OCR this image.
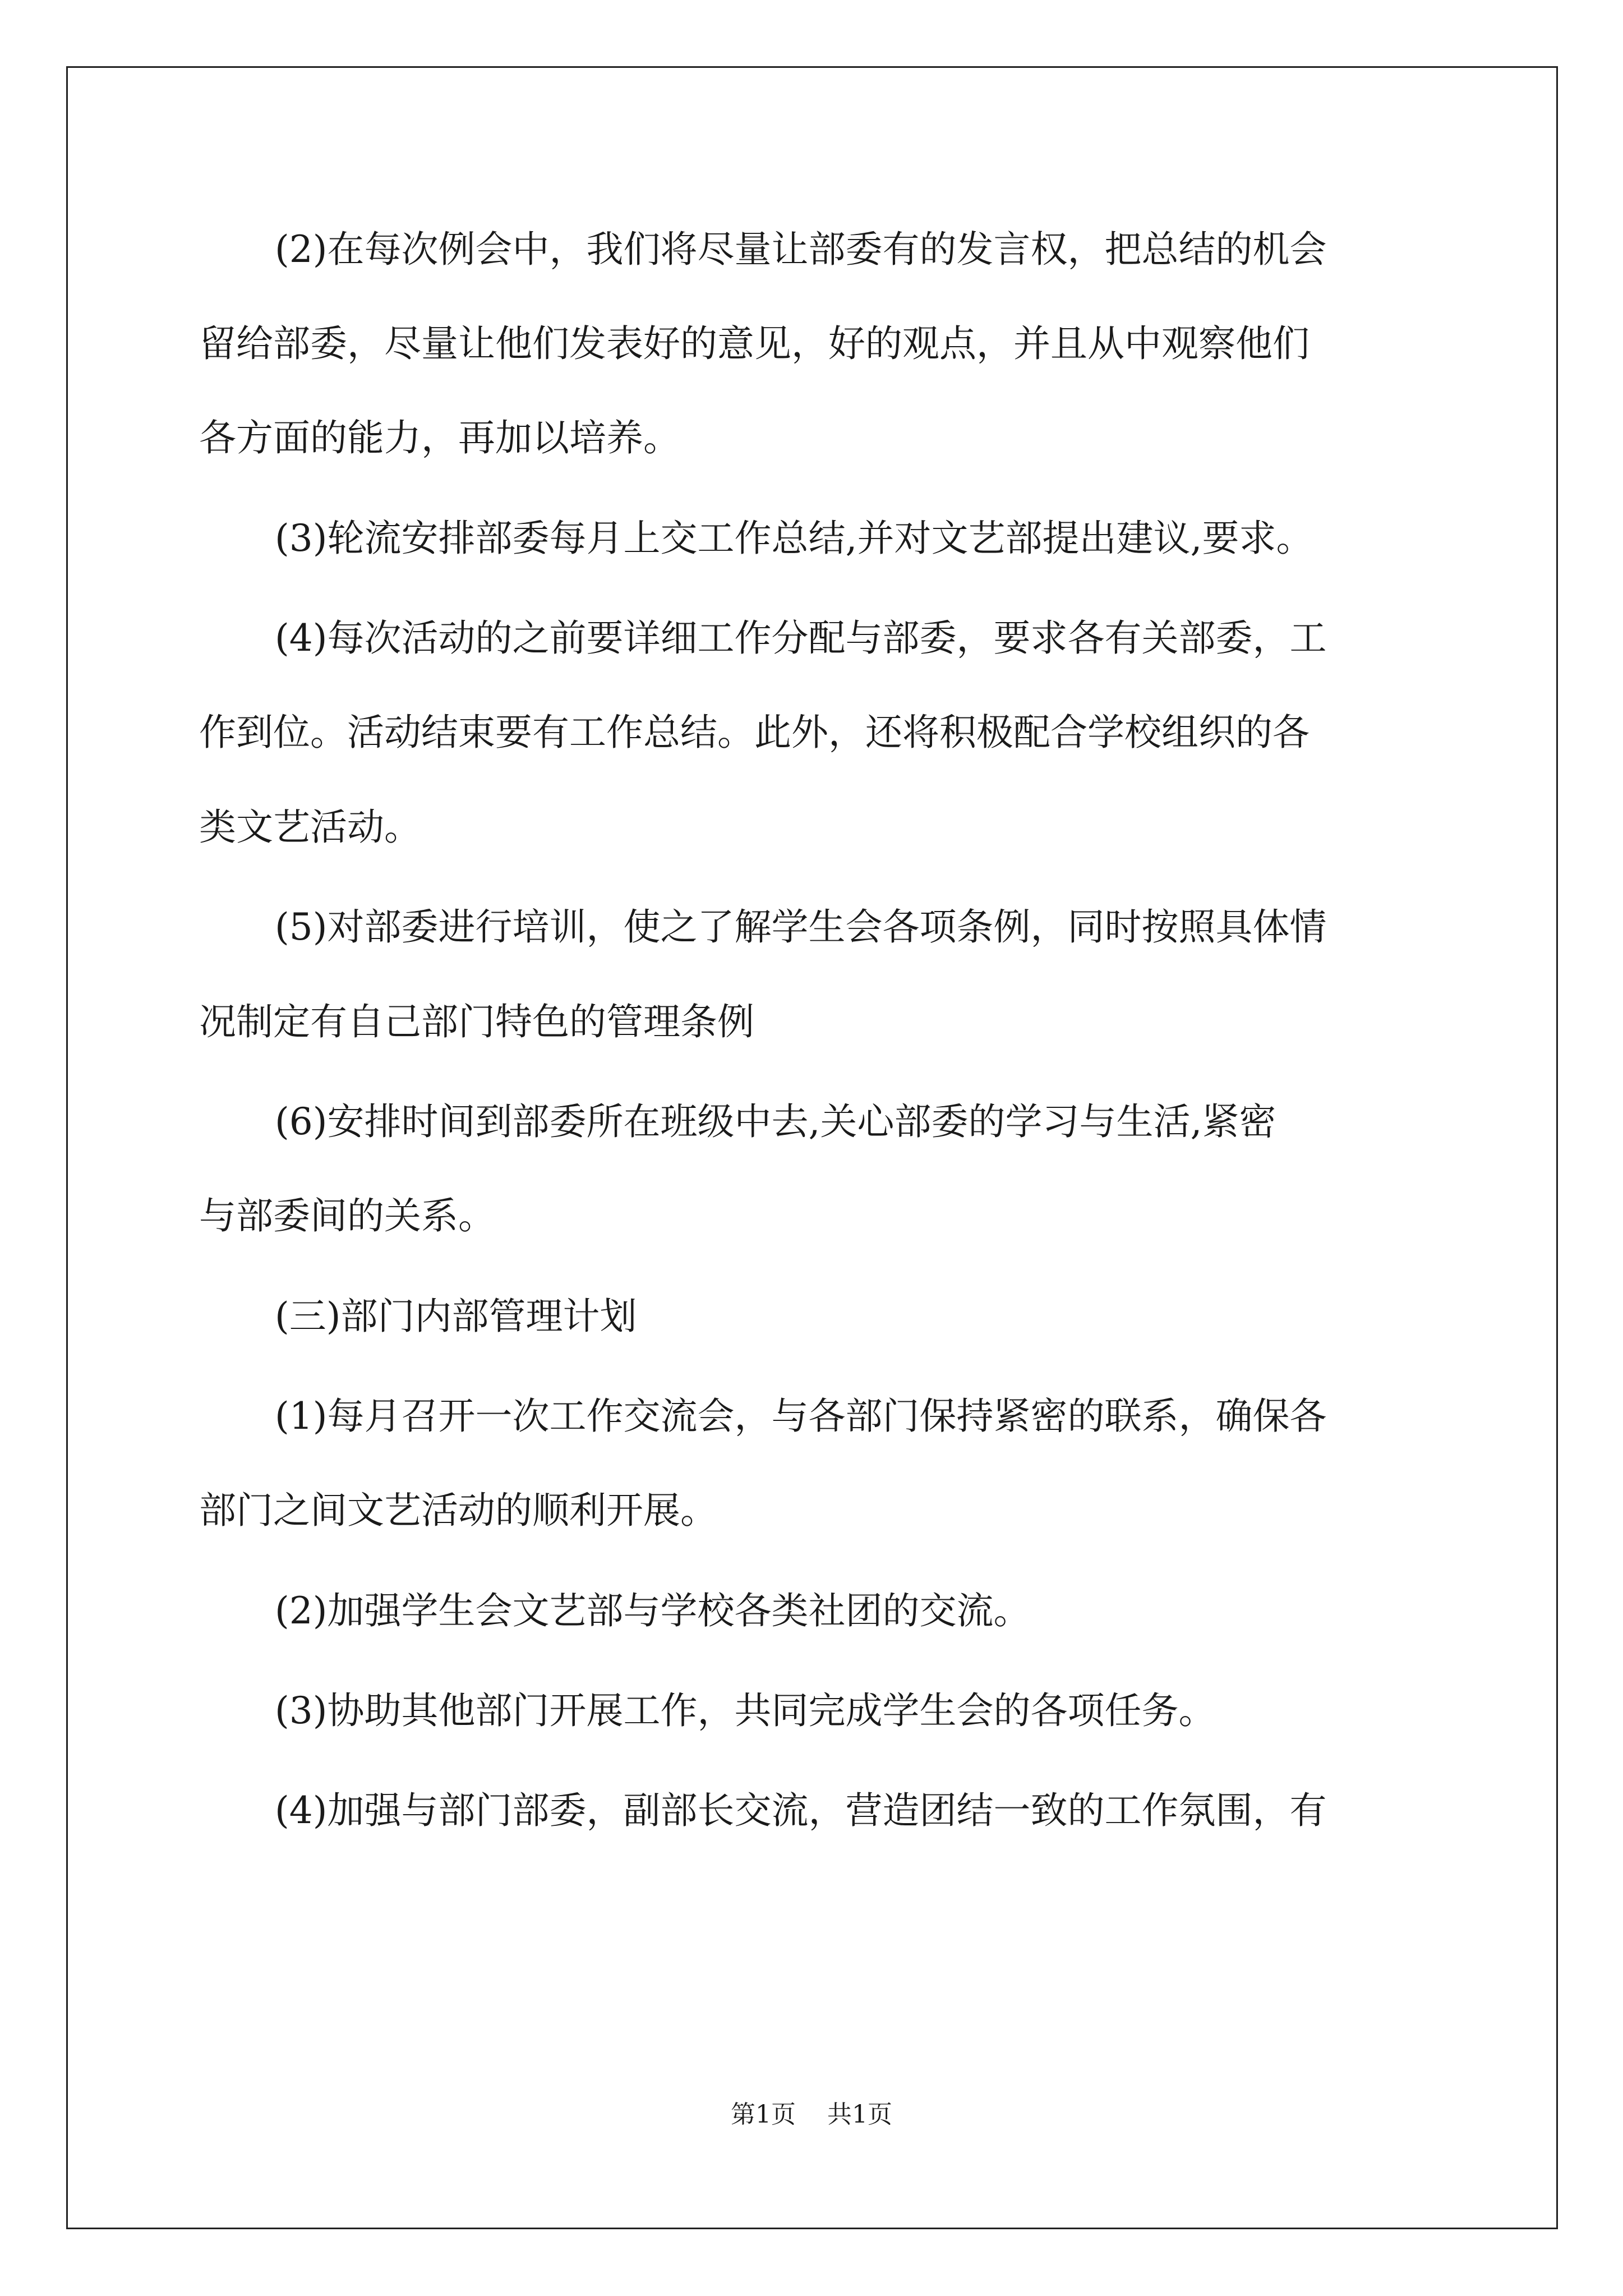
(2)在每次例会中，我们将尽量让部委有的发言权，把总结的机会
留给部委，尽量让他们发表好的意见，好的观点，并且从中观察他们
各方面的能力，再加以培养。
(3)轮流安排部委每月上交工作总结,并对文艺部提出建议,要求。
(4)每次活动的之前要详细工作分配与部委，要求各有关部委，工
作到位。活动结束要有工作总结。此外，还将积极配合学校组织的各
类文艺活动。
(5)对部委进行培训，使之了解学生会各项条例，同时按照具体情
况制定有自己部门特色的管理条例
(6)安排时间到部委所在班级中去,关心部委的学习与生活,紧密
与部委间的关系。
(三)部门内部管理计划
(1)每月召开一次工作交流会，与各部门保持紧密的联系，确保各
部门之间文艺活动的顺利开展。
(2)加强学生会文艺部与学校各类社团的交流。
(3)协助其他部门开展工作，共同完成学生会的各项任务。
(4)加强与部门部委，副部长交流，营造团结一致的工作氛围，有
第1页 共1页
